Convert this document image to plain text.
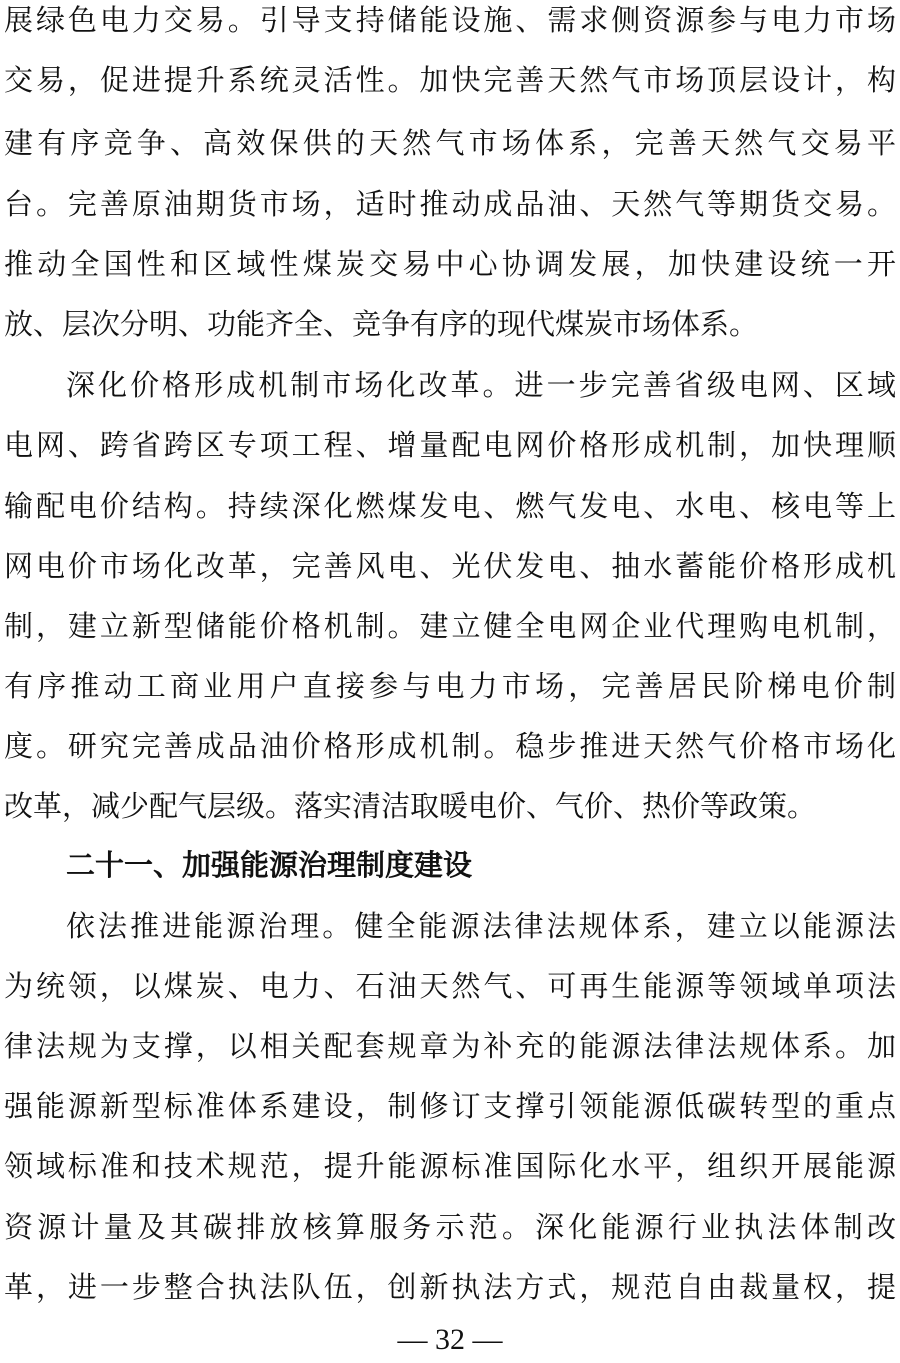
展绿色电力交易。引导支持储能设施、需求侧资源参与电力市场
交易，促进提升系统灵活性。加快完善天然气市场顶层设计，构
建有序竞争、高效保供的天然气市场体系，完善天然气交易平
台。完善原油期货市场，适时推动成品油、天然气等期货交易。
推动全国性和区域性煤炭交易中心协调发展，加快建设统一开
放、层次分明、功能齐全、竞争有序的现代煤炭市场体系。
深化价格形成机制市场化改革。进一步完善省级电网、区域
电网、跨省跨区专项工程、增量配电网价格形成机制，加快理顺
输配电价结构。持续深化燃煤发电、燃气发电、水电、核电等上
网电价市场化改革，完善风电、光伏发电、抽水蓄能价格形成机
制，建立新型储能价格机制。建立健全电网企业代理购电机制，
有序推动工商业用户直接参与电力市场，完善居民阶梯电价制
度。研究完善成品油价格形成机制。稳步推进天然气价格市场化
改革，减少配气层级。落实清洁取暖电价、气价、热价等政策。
二十一、加强能源治理制度建设
依法推进能源治理。健全能源法律法规体系，建立以能源法
为统领，以煤炭、电力、石油天然气、可再生能源等领域单项法
律法规为支撑，以相关配套规章为补充的能源法律法规体系。加
强能源新型标准体系建设，制修订支撑引领能源低碳转型的重点
领域标准和技术规范，提升能源标准国际化水平，组织开展能源
资源计量及其碳排放核算服务示范。深化能源行业执法体制改
革，进一步整合执法队伍，创新执法方式，规范自由裁量权，提
— 32 —
